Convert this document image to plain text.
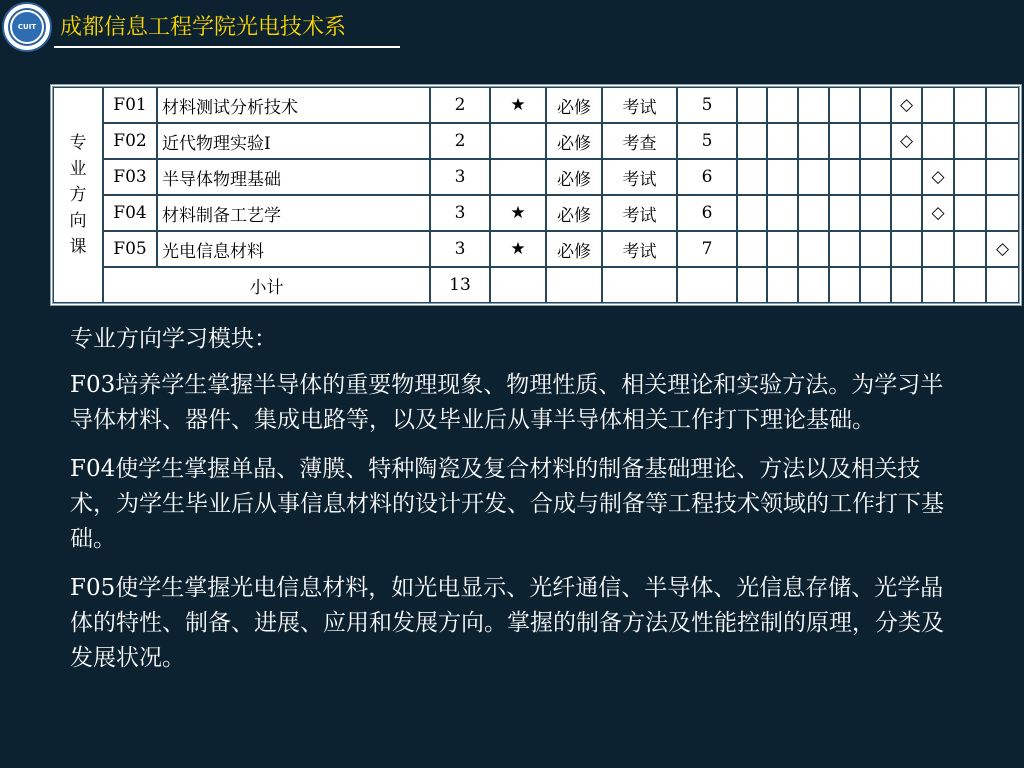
CUIT	成都信息工程学院光电技术系
专
业
方
向
课	F01	材料测试分析技术	2	★	必修	考试	5						◇			
	F02	近代物理实验Ⅰ	2		必修	考查	5						◇			
	F03	半导体物理基础	3		必修	考试	6							◇		
	F04	材料制备工艺学	3	★	必修	考试	6							◇		
	F05	光电信息材料	3	★	必修	考试	7									◇
	小计		13													

专业方向学习模块：

F03培养学生掌握半导体的重要物理现象、物理性质、相关理论和实验方法。为学习半导体材料、器件、集成电路等，以及毕业后从事半导体相关工作打下理论基础。

F04使学生掌握单晶、薄膜、特种陶瓷及复合材料的制备基础理论、方法以及相关技术，为学生毕业后从事信息材料的设计开发、合成与制备等工程技术领域的工作打下基础。

F05使学生掌握光电信息材料，如光电显示、光纤通信、半导体、光信息存储、光学晶体的特性、制备、进展、应用和发展方向。掌握的制备方法及性能控制的原理，分类及发展状况。
